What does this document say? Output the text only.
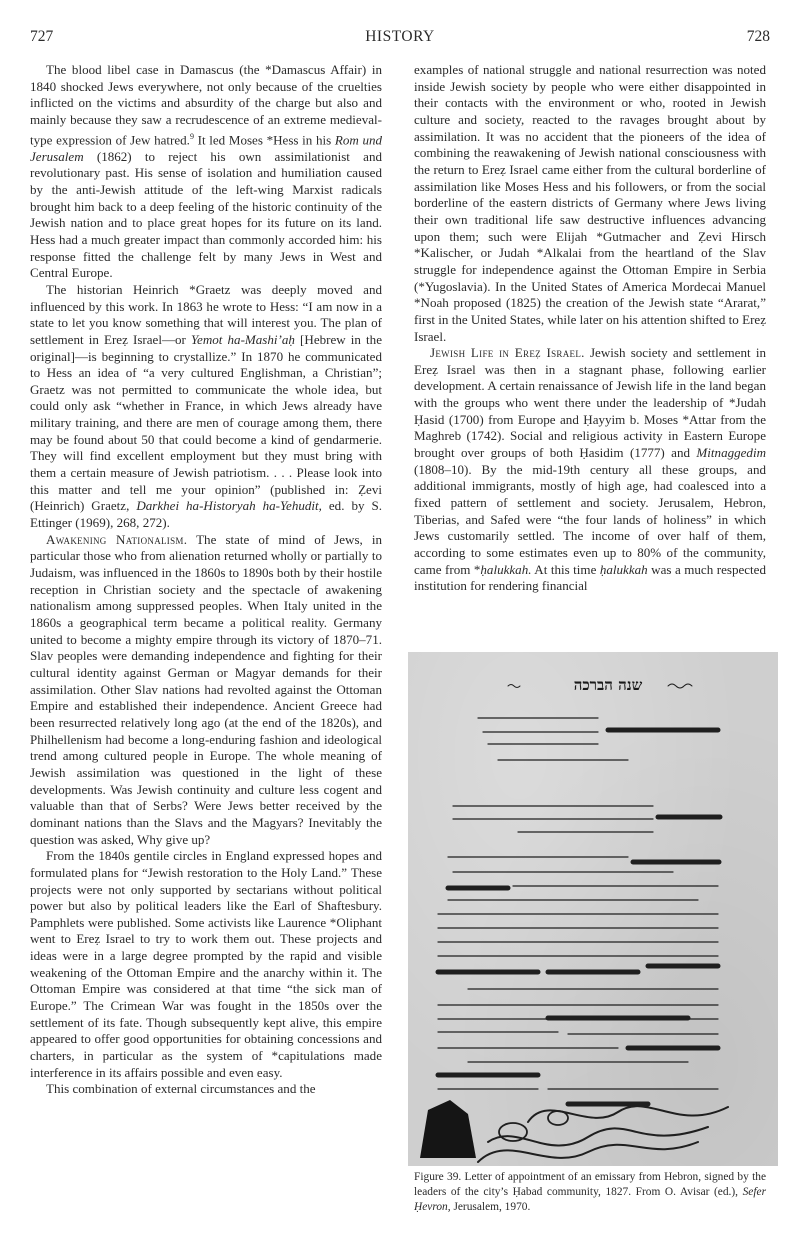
727	HISTORY	728

The blood libel case in Damascus (the *Damascus Affair) in 1840 shocked Jews everywhere, not only because of the cruelties inflicted on the victims and absurdity of the charge but also and mainly because they saw a recrudescence of an extreme medieval-type expression of Jew hatred.$^9$ It led Moses *Hess in his Rom und Jerusalem (1862) to reject his own assimilationist and revolutionary past. His sense of isolation and humiliation caused by the anti-Jewish attitude of the left-wing Marxist radicals brought him back to a deep feeling of the historic continuity of the Jewish nation and to place great hopes for its future on its land. Hess had a much greater impact than commonly accorded him: his response fitted the challenge felt by many Jews in West and Central Europe.

The historian Heinrich *Graetz was deeply moved and influenced by this work. In 1863 he wrote to Hess: “I am now in a state to let you know something that will interest you. The plan of settlement in Ereẓ Israel—or Yemot ha-Mashi’aḥ [Hebrew in the original]—is beginning to crystallize.” In 1870 he communicated to Hess an idea of “a very cultured Englishman, a Christian”; Graetz was not permitted to communicate the whole idea, but could only ask “whether in France, in which Jews already have military training, and there are men of courage among them, there may be found about 50 that could become a kind of gendarmerie. They will find excellent employment but they must bring with them a certain measure of Jewish patriotism. . . . Please look into this matter and tell me your opinion” (published in: Ẓevi (Heinrich) Graetz, Darkhei ha-Historyah ha-Yehudit, ed. by S. Ettinger (1969), 268, 272).

Awakening Nationalism. The state of mind of Jews, in particular those who from alienation returned wholly or partially to Judaism, was influenced in the 1860s to 1890s both by their hostile reception in Christian society and the spectacle of awakening nationalism among suppressed peoples. When Italy united in the 1860s a geographical term became a political reality. Germany united to become a mighty empire through its victory of 1870–71. Slav peoples were demanding independence and fighting for their cultural identity against German or Magyar demands for their assimilation. Other Slav nations had revolted against the Ottoman Empire and established their independence. Ancient Greece had been resurrected relatively long ago (at the end of the 1820s), and Philhellenism had become a long-enduring fashion and ideological trend among cultured people in Europe. The whole meaning of Jewish assimilation was questioned in the light of these developments. Was Jewish continuity and culture less cogent and valuable than that of Serbs? Were Jews better received by the dominant nations than the Slavs and the Magyars? Inevitably the question was asked, Why give up?

From the 1840s gentile circles in England expressed hopes and formulated plans for “Jewish restoration to the Holy Land.” These projects were not only supported by sectarians without political power but also by political leaders like the Earl of Shaftesbury. Pamphlets were published. Some activists like Laurence *Oliphant went to Ereẓ Israel to try to work them out. These projects and ideas were in a large degree prompted by the rapid and visible weakening of the Ottoman Empire and the anarchy within it. The Ottoman Empire was considered at that time “the sick man of Europe.” The Crimean War was fought in the 1850s over the settlement of its fate. Though subsequently kept alive, this empire appeared to offer good opportunities for obtaining concessions and charters, in particular as the system of *capitulations made interference in its affairs possible and even easy.

This combination of external circumstances and the

examples of national struggle and national resurrection was noted inside Jewish society by people who were either disappointed in their contacts with the environment or who, rooted in Jewish culture and society, reacted to the ravages brought about by assimilation. It was no accident that the pioneers of the idea of combining the reawakening of Jewish national consciousness with the return to Ereẓ Israel came either from the cultural borderline of assimilation like Moses Hess and his followers, or from the social borderline of the eastern districts of Germany where Jews living their own traditional life saw destructive influences advancing upon them; such were Elijah *Gutmacher and Ẓevi Hirsch *Kalischer, or Judah *Alkalai from the heartland of the Slav struggle for independence against the Ottoman Empire in Serbia (*Yugoslavia). In the United States of America Mordecai Manuel *Noah proposed (1825) the creation of the Jewish state “Ararat,” first in the United States, while later on his attention shifted to Ereẓ Israel.

Jewish Life in Ereẓ Israel. Jewish society and settlement in Ereẓ Israel was then in a stagnant phase, following earlier development. A certain renaissance of Jewish life in the land began with the groups who went there under the leadership of *Judah Ḥasid (1700) from Europe and Ḥayyim b. Moses *Attar from the Maghreb (1742). Social and religious activity in Eastern Europe brought over groups of both Ḥasidim (1777) and Mitnaggedim (1808–10). By the mid-19th century all these groups, and additional immigrants, mostly of high age, had coalesced into a fixed pattern of settlement and society. Jerusalem, Hebron, Tiberias, and Safed were “the four lands of holiness” in which Jews customarily settled. The income of over half of them, according to some estimates even up to 80% of the community, came from *ḥalukkah. At this time ḥalukkah was a much respected institution for rendering financial

שנה הברכה

Figure 39. Letter of appointment of an emissary from Hebron, signed by the leaders of the city’s Ḥabad community, 1827. From O. Avisar (ed.), Sefer Ḥevron, Jerusalem, 1970.
